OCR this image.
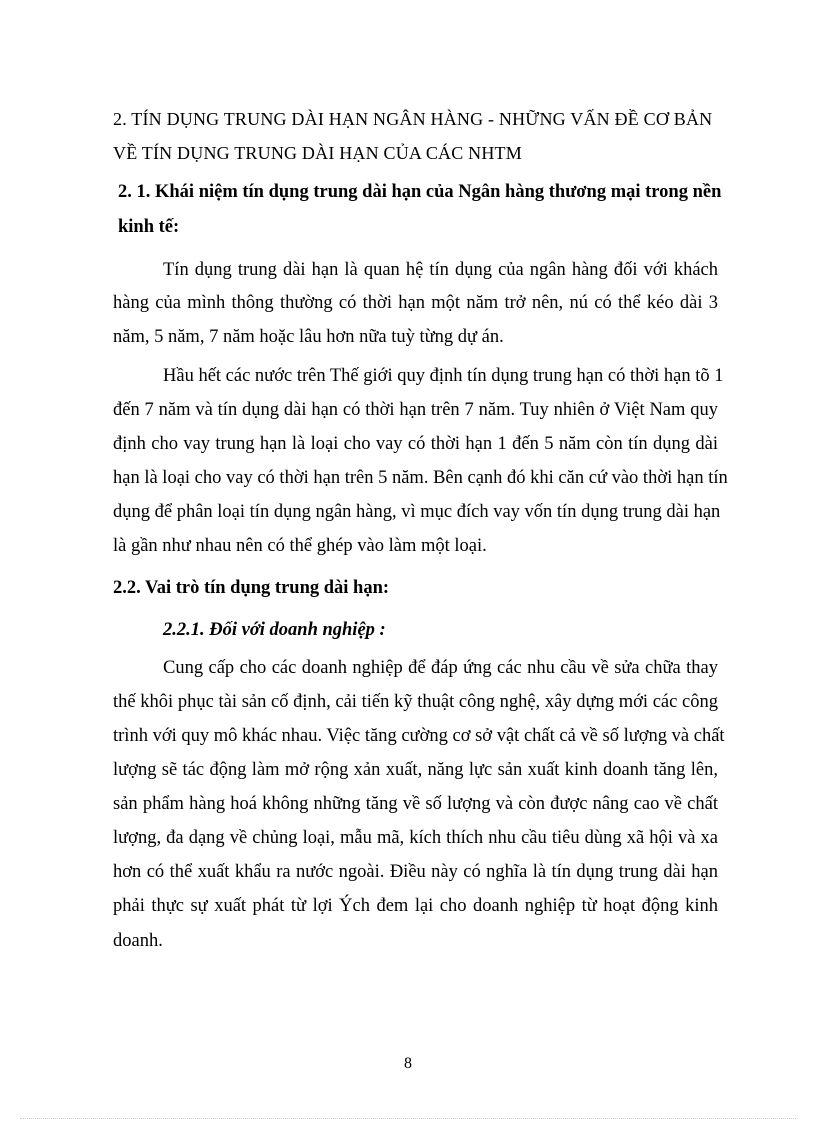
2. TÍN DỤNG TRUNG DÀI HẠN NGÂN HÀNG - NHỮNG VẤN ĐỀ CƠ BẢN
VỀ TÍN DỤNG TRUNG DÀI HẠN CỦA CÁC NHTM
2. 1. Khái niệm tín dụng trung dài hạn của Ngân hàng thương mại trong nền
kinh tế:
Tín dụng trung dài hạn là quan hệ tín dụng của ngân hàng đối với khách
hàng của mình thông thường có thời hạn một năm trở nên, nú có thể kéo dài 3
năm, 5 năm, 7 năm hoặc lâu hơn nữa tuỳ từng dự án.
Hầu hết các nước trên Thế giới quy định tín dụng trung hạn có thời hạn tõ 1
đến 7 năm và tín dụng dài hạn có thời hạn trên 7 năm. Tuy nhiên ở Việt Nam quy
định cho vay trung hạn là loại cho vay có thời hạn 1 đến 5 năm còn tín dụng dài
hạn là loại cho vay có thời hạn trên 5 năm. Bên cạnh đó khi căn cứ vào thời hạn tín
dụng để phân loại tín dụng ngân hàng, vì mục đích vay vốn tín dụng trung dài hạn
là gần như nhau nên có thể ghép vào làm một loại.
2.2. Vai trò tín dụng trung dài hạn:
2.2.1. Đối với doanh nghiệp :
Cung cấp cho các doanh nghiệp để đáp ứng các nhu cầu về sửa chữa thay
thế khôi phục tài sản cố định, cải tiến kỹ thuật công nghệ, xây dựng mới các công
trình với quy mô khác nhau. Việc tăng cường cơ sở vật chất cả về số lượng và chất
lượng sẽ tác động làm mở rộng xản xuất, năng lực sản xuất kinh doanh tăng lên,
sản phẩm hàng hoá không những tăng về số lượng và còn được nâng cao về chất
lượng, đa dạng về chủng loại, mẫu mã, kích thích nhu cầu tiêu dùng xã hội và xa
hơn có thể xuất khẩu ra nước ngoài. Điều này có nghĩa là tín dụng trung dài hạn
phải thực sự xuất phát từ lợi Ých đem lại cho doanh nghiệp từ hoạt động kinh
doanh.
8
